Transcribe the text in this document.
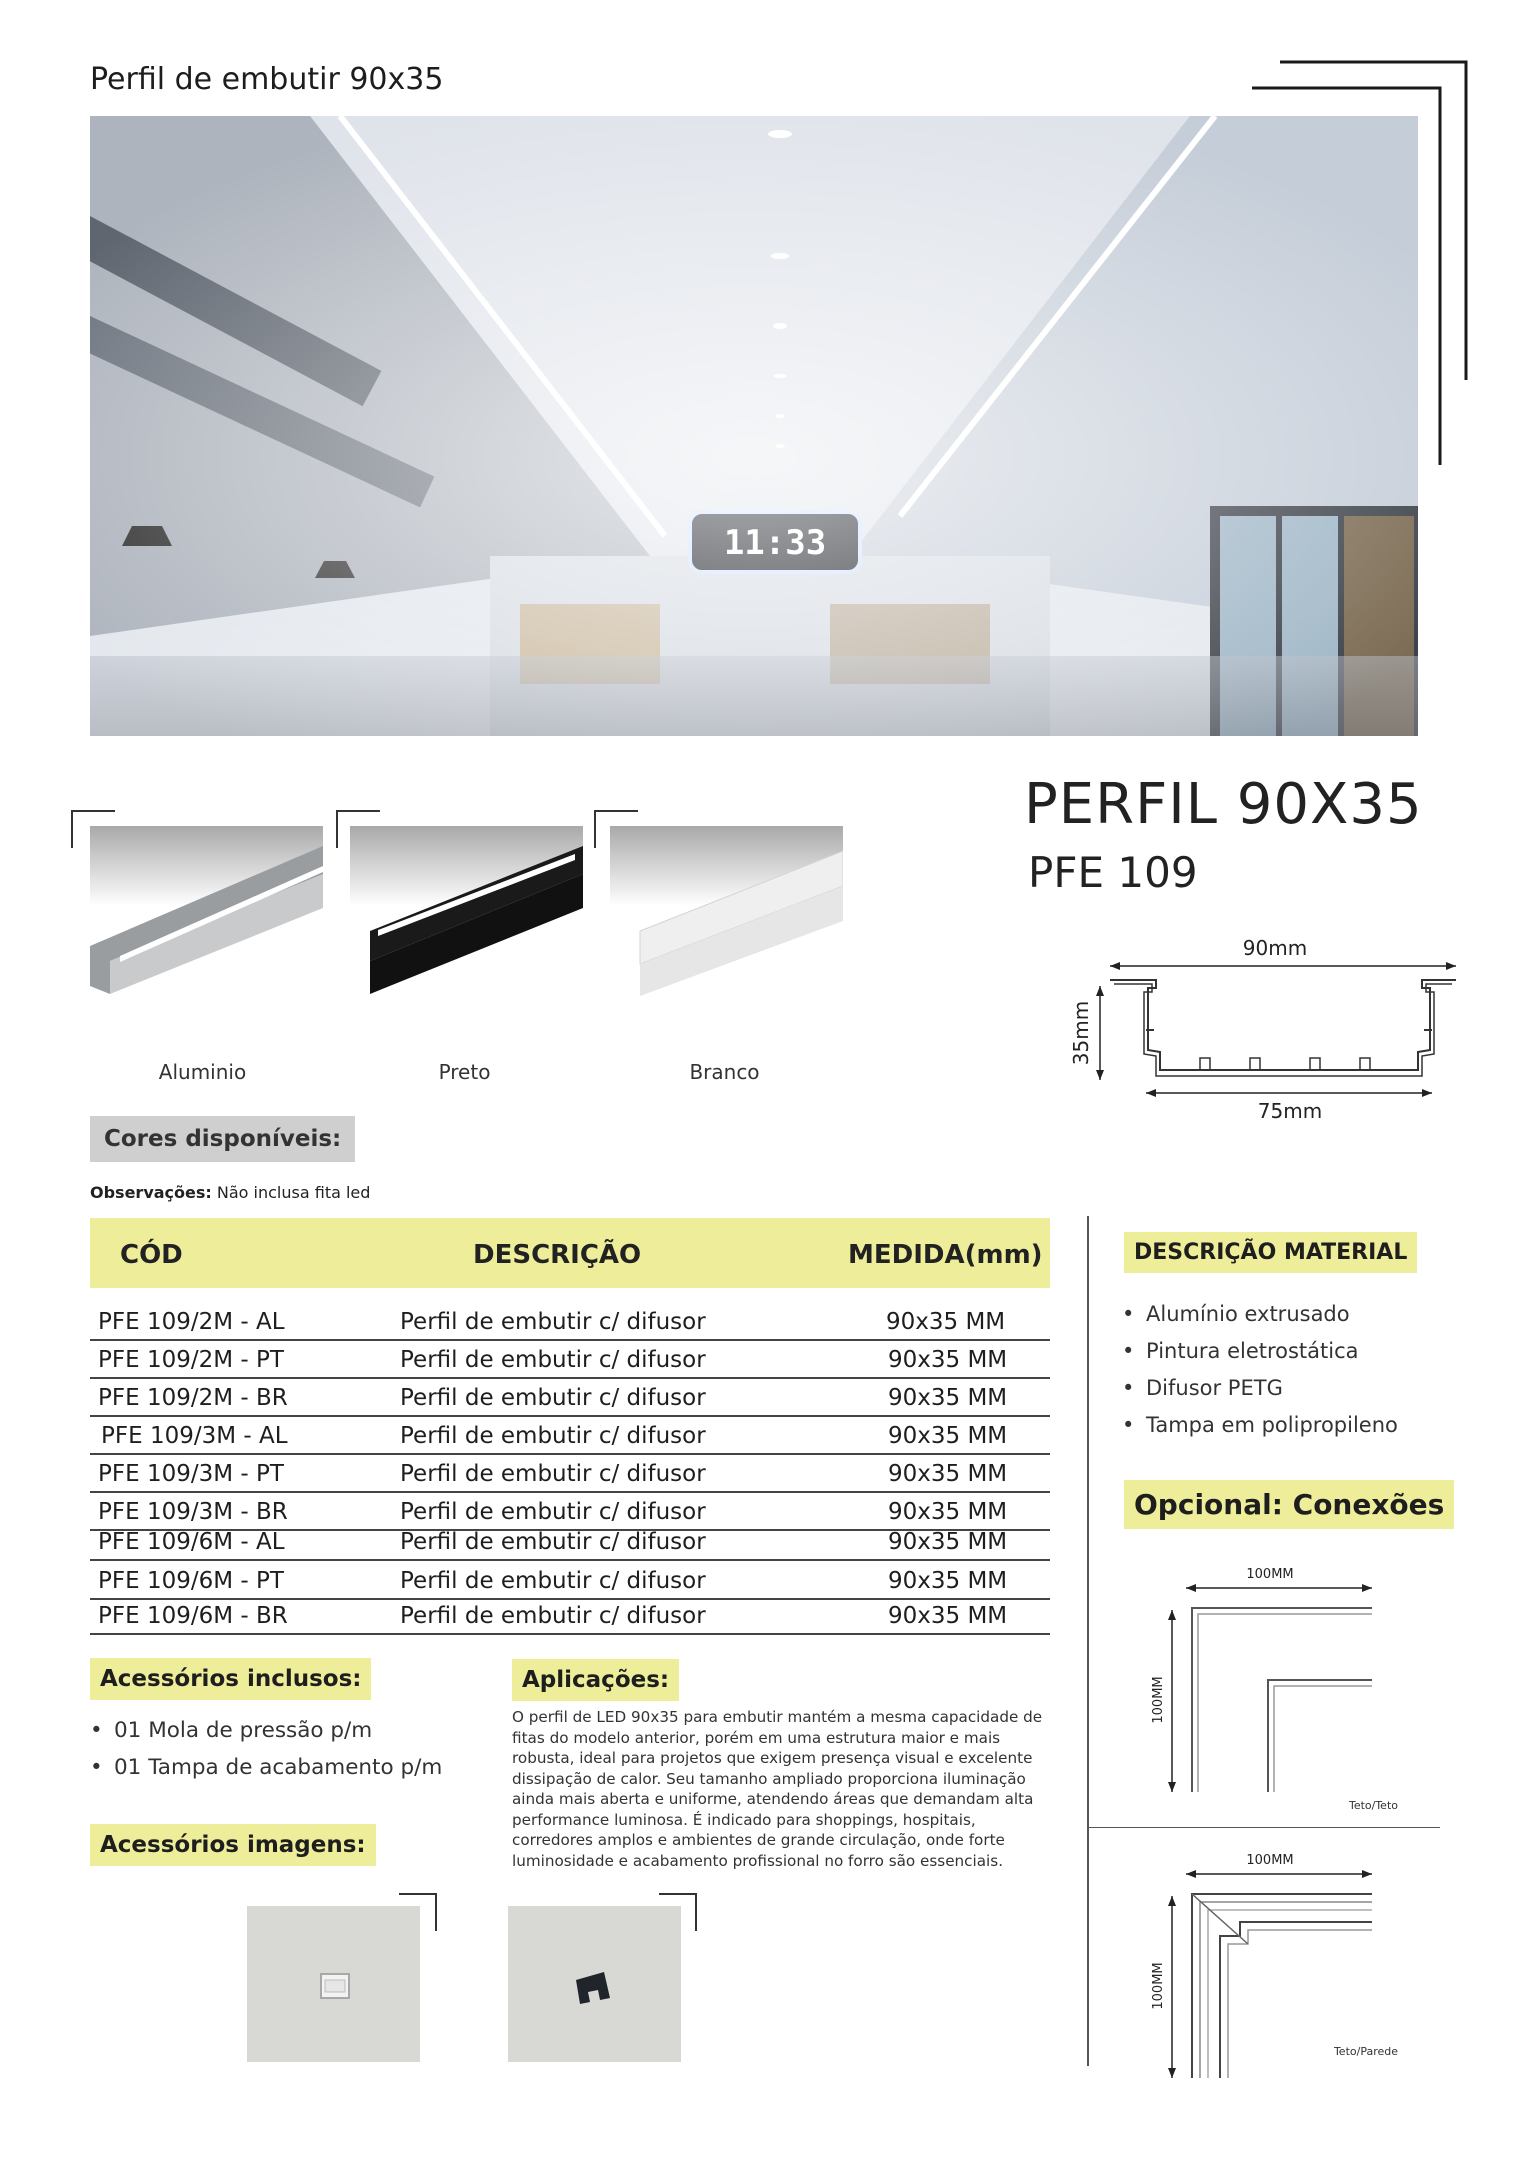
Perfil de embutir 90x35
Aluminio	Preto	Branco
Cores disponíveis:
PERFIL 90X35
PFE 109
90mm
35mm
75mm
Observações: Não inclusa fita led
CÓD	DESCRIÇÃO	MEDIDA(mm)
PFE 109/2M - AL	Perfil de embutir c/ difusor	90x35 MM
PFE 109/2M - PT	Perfil de embutir c/ difusor	90x35 MM
PFE 109/2M - BR	Perfil de embutir c/ difusor	90x35 MM
PFE 109/3M - AL	Perfil de embutir c/ difusor	90x35 MM
PFE 109/3M - PT	Perfil de embutir c/ difusor	90x35 MM
PFE 109/3M - BR	Perfil de embutir c/ difusor	90x35 MM
PFE 109/6M - AL	Perfil de embutir c/ difusor	90x35 MM
PFE 109/6M - PT	Perfil de embutir c/ difusor	90x35 MM
PFE 109/6M - BR	Perfil de embutir c/ difusor	90x35 MM
DESCRIÇÃO MATERIAL
• Alumínio extrusado
• Pintura eletrostática
• Difusor PETG
• Tampa em polipropileno
Opcional: Conexões
100MM
100MM
Teto/Teto
100MM
100MM
Teto/Parede
Acessórios inclusos:
• 01 Mola de pressão p/m
• 01 Tampa de acabamento p/m
Acessórios imagens:
Aplicações:
O perfil de LED 90x35 para embutir mantém a mesma capacidade de fitas do modelo anterior, porém em uma estrutura maior e mais robusta, ideal para projetos que exigem presença visual e excelente dissipação de calor. Seu tamanho ampliado proporciona iluminação ainda mais aberta e uniforme, atendendo áreas que demandam alta performance luminosa. É indicado para shoppings, hospitais, corredores amplos e ambientes de grande circulação, onde forte luminosidade e acabamento profissional no forro são essenciais.
